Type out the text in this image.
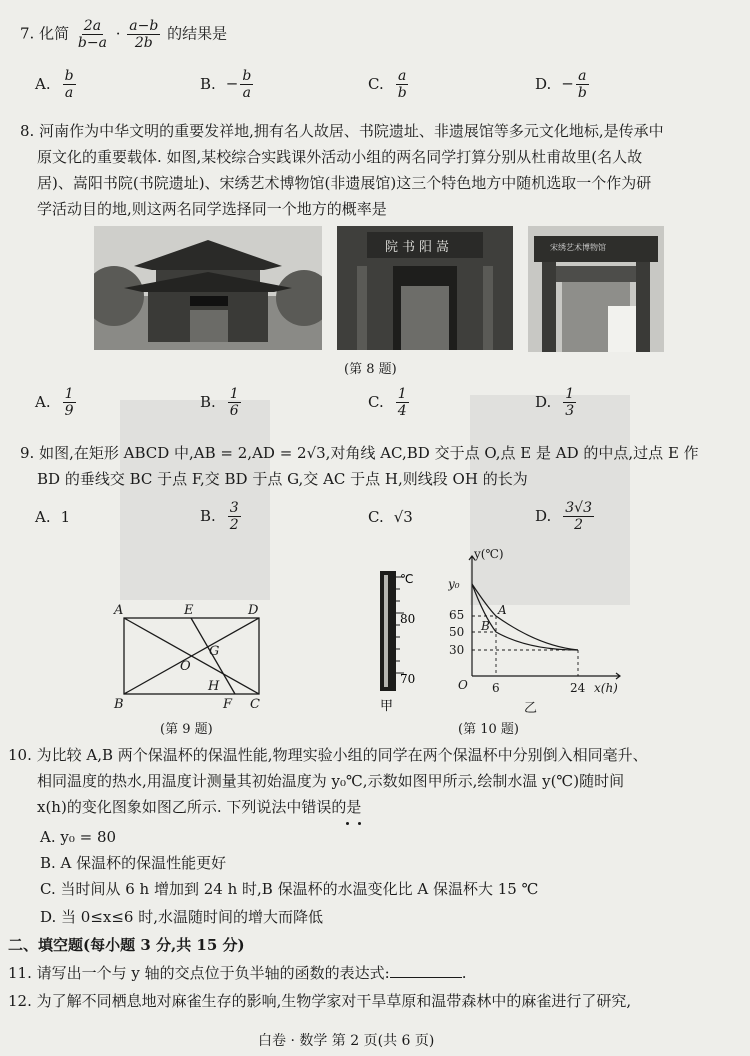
7. 化简 $\frac{2a}{b-a} \cdot \frac{a-b}{2b}$ 的结果是
A. $\frac{b}{a}$	B. − $\frac{b}{a}$	C. $\frac{a}{b}$	D. − $\frac{a}{b}$
8. 河南作为中华文明的重要发祥地,拥有名人故居、书院遗址、非遗展馆等多元文化地标,是传承中
原文化的重要载体. 如图,某校综合实践课外活动小组的两名同学打算分别从杜甫故里(名人故
居)、嵩阳书院(书院遗址)、宋绣艺术博物馆(非遗展馆)这三个特色地方中随机选取一个作为研
学活动目的地,则这两名同学选择同一个地方的概率是
院书阳嵩	宋绣艺术博物馆
(第 8 题)
A. $\frac{1}{9}$	B. $\frac{1}{6}$	C. $\frac{1}{4}$	D. $\frac{1}{3}$
9. 如图,在矩形 ABCD 中,AB = 2,AD = 2√3,对角线 AC,BD 交于点 O,点 E 是 AD 的中点,过点 E 作
BD 的垂线交 BC 于点 F,交 BD 于点 G,交 AC 于点 H,则线段 OH 的长为
A. 1	B. $\frac{3}{2}$	C. √3	D. $\frac{3√3}{2}$
A
B	C
D
E
F
G
H
O
(第 9 题)
℃
80
70
甲
y(℃)
y₀
65
50
30
O 6	24 x(h)
A
B
乙
(第 10 题)
10. 为比较 A,B 两个保温杯的保温性能,物理实验小组的同学在两个保温杯中分别倒入相同毫升、
相同温度的热水,用温度计测量其初始温度为 y₀℃,示数如图甲所示,绘制水温 y(℃)随时间
x(h)的变化图象如图乙所示. 下列说法中错误的是
A. y₀ = 80
B. A 保温杯的保温性能更好
C. 当时间从 6 h 增加到 24 h 时,B 保温杯的水温变化比 A 保温杯大 15 ℃
D. 当 0≤x≤6 时,水温随时间的增大而降低
二、填空题(每小题 3 分,共 15 分)
11. 请写出一个与 y 轴的交点位于负半轴的函数的表达式:	.
12. 为了解不同栖息地对麻雀生存的影响,生物学家对干旱草原和温带森林中的麻雀进行了研究,
白卷 · 数学 第 2 页(共 6 页)
